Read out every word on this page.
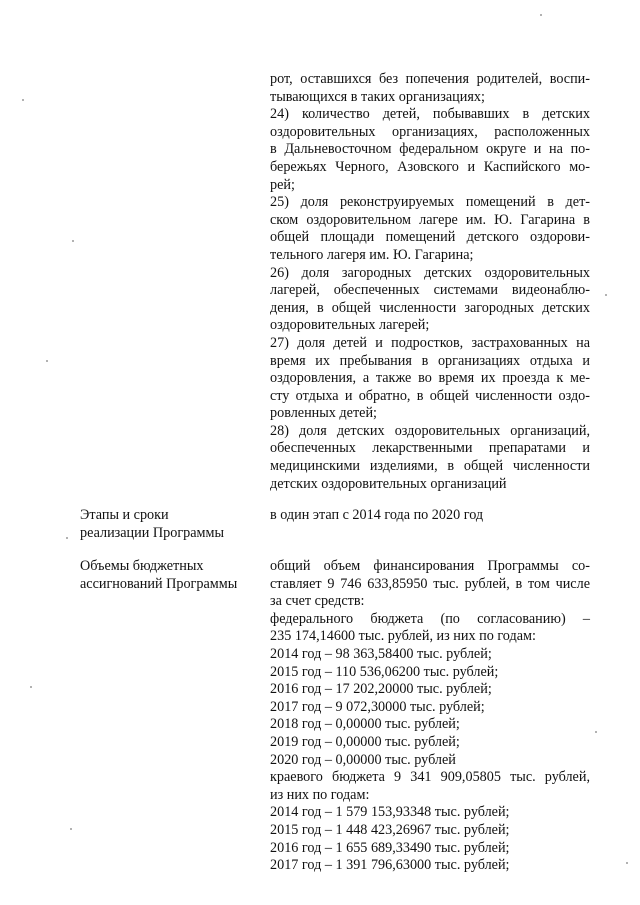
рот, оставшихся без попечения родителей, воспи-
тывающихся в таких организациях;
24) количество детей, побывавших в детских
оздоровительных организациях, расположенных
в Дальневосточном федеральном округе и на по-
бережьях Черного, Азовского и Каспийского мо-
рей;
25) доля реконструируемых помещений в дет-
ском оздоровительном лагере им. Ю. Гагарина в
общей площади помещений детского оздорови-
тельного лагеря им. Ю. Гагарина;
26) доля загородных детских оздоровительных
лагерей, обеспеченных системами видеонаблю-
дения, в общей численности загородных детских
оздоровительных лагерей;
27) доля детей и подростков, застрахованных на
время их пребывания в организациях отдыха и
оздоровления, а также во время их проезда к ме-
сту отдыха и обратно, в общей численности оздо-
ровленных детей;
28) доля детских оздоровительных организаций,
обеспеченных лекарственными препаратами и
медицинскими изделиями, в общей численности
детских оздоровительных организаций
Этапы и сроки
реализации Программы
в один этап с 2014 года по 2020 год
Объемы бюджетных
ассигнований Программы
общий объем финансирования Программы со-
ставляет 9 746 633,85950 тыс. рублей, в том числе
за счет средств:
федерального бюджета (по согласованию) –
235 174,14600 тыс. рублей, из них по годам:
2014 год – 98 363,58400 тыс. рублей;
2015 год – 110 536,06200 тыс. рублей;
2016 год – 17 202,20000 тыс. рублей;
2017 год – 9 072,30000 тыс. рублей;
2018 год – 0,00000 тыс. рублей;
2019 год – 0,00000 тыс. рублей;
2020 год – 0,00000 тыс. рублей
краевого бюджета 9 341 909,05805 тыс. рублей,
из них по годам:
2014 год – 1 579 153,93348 тыс. рублей;
2015 год – 1 448 423,26967 тыс. рублей;
2016 год – 1 655 689,33490 тыс. рублей;
2017 год – 1 391 796,63000 тыс. рублей;
